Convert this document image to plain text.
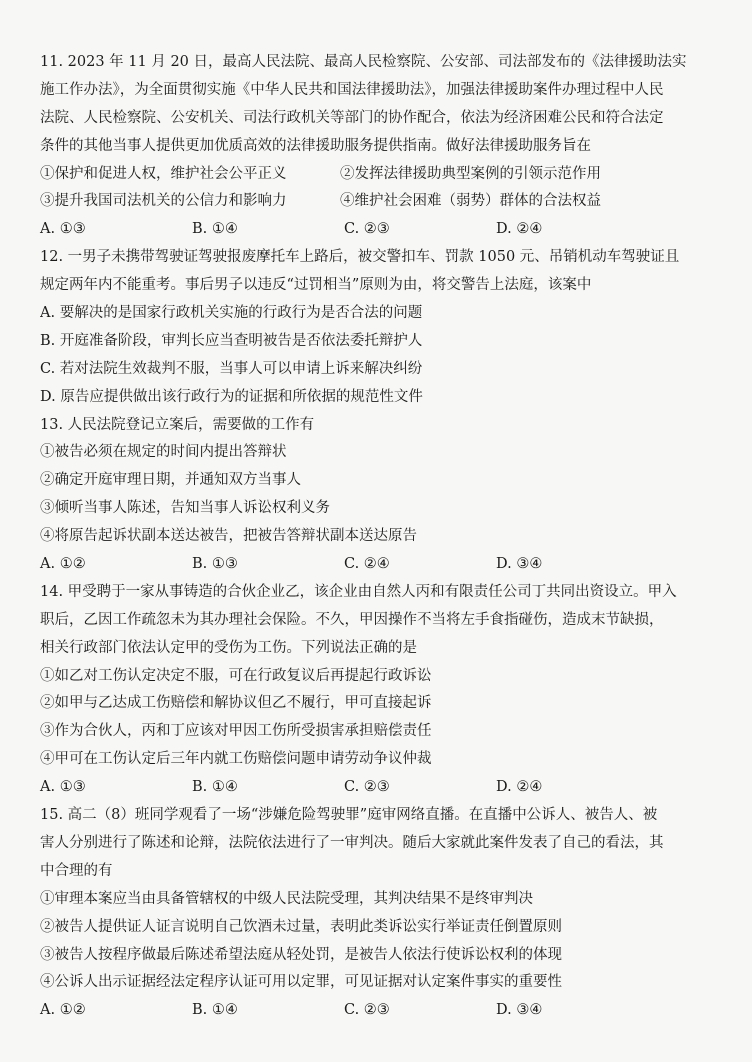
11. 2023 年 11 月 20 日，最高人民法院、最高人民检察院、公安部、司法部发布的《法律援助法实
施工作办法》，为全面贯彻实施《中华人民共和国法律援助法》，加强法律援助案件办理过程中人民
法院、人民检察院、公安机关、司法行政机关等部门的协作配合，依法为经济困难公民和符合法定
条件的其他当事人提供更加优质高效的法律援助服务提供指南。做好法律援助服务旨在
①保护和促进人权，维护社会公平正义	②发挥法律援助典型案例的引领示范作用
③提升我国司法机关的公信力和影响力	④维护社会困难（弱势）群体的合法权益
A. ①③	B. ①④	C. ②③	D. ②④
12. 一男子未携带驾驶证驾驶报废摩托车上路后，被交警扣车、罚款 1050 元、吊销机动车驾驶证且
规定两年内不能重考。事后男子以违反“过罚相当”原则为由，将交警告上法庭，该案中
A. 要解决的是国家行政机关实施的行政行为是否合法的问题
B. 开庭准备阶段，审判长应当查明被告是否依法委托辩护人
C. 若对法院生效裁判不服，当事人可以申请上诉来解决纠纷
D. 原告应提供做出该行政行为的证据和所依据的规范性文件
13. 人民法院登记立案后，需要做的工作有
①被告必须在规定的时间内提出答辩状
②确定开庭审理日期，并通知双方当事人
③倾听当事人陈述，告知当事人诉讼权利义务
④将原告起诉状副本送达被告，把被告答辩状副本送达原告
A. ①②	B. ①③	C. ②④	D. ③④
14. 甲受聘于一家从事铸造的合伙企业乙，该企业由自然人丙和有限责任公司丁共同出资设立。甲入
职后，乙因工作疏忽未为其办理社会保险。不久，甲因操作不当将左手食指碰伤，造成末节缺损，
相关行政部门依法认定甲的受伤为工伤。下列说法正确的是
①如乙对工伤认定决定不服，可在行政复议后再提起行政诉讼
②如甲与乙达成工伤赔偿和解协议但乙不履行，甲可直接起诉
③作为合伙人，丙和丁应该对甲因工伤所受损害承担赔偿责任
④甲可在工伤认定后三年内就工伤赔偿问题申请劳动争议仲裁
A. ①③	B. ①④	C. ②③	D. ②④
15. 高二（8）班同学观看了一场“涉嫌危险驾驶罪”庭审网络直播。在直播中公诉人、被告人、被
害人分别进行了陈述和论辩，法院依法进行了一审判决。随后大家就此案件发表了自己的看法，其
中合理的有
①审理本案应当由具备管辖权的中级人民法院受理，其判决结果不是终审判决
②被告人提供证人证言说明自己饮酒未过量，表明此类诉讼实行举证责任倒置原则
③被告人按程序做最后陈述希望法庭从轻处罚，是被告人依法行使诉讼权利的体现
④公诉人出示证据经法定程序认证可用以定罪，可见证据对认定案件事实的重要性
A. ①②	B. ①④	C. ②③	D. ③④
